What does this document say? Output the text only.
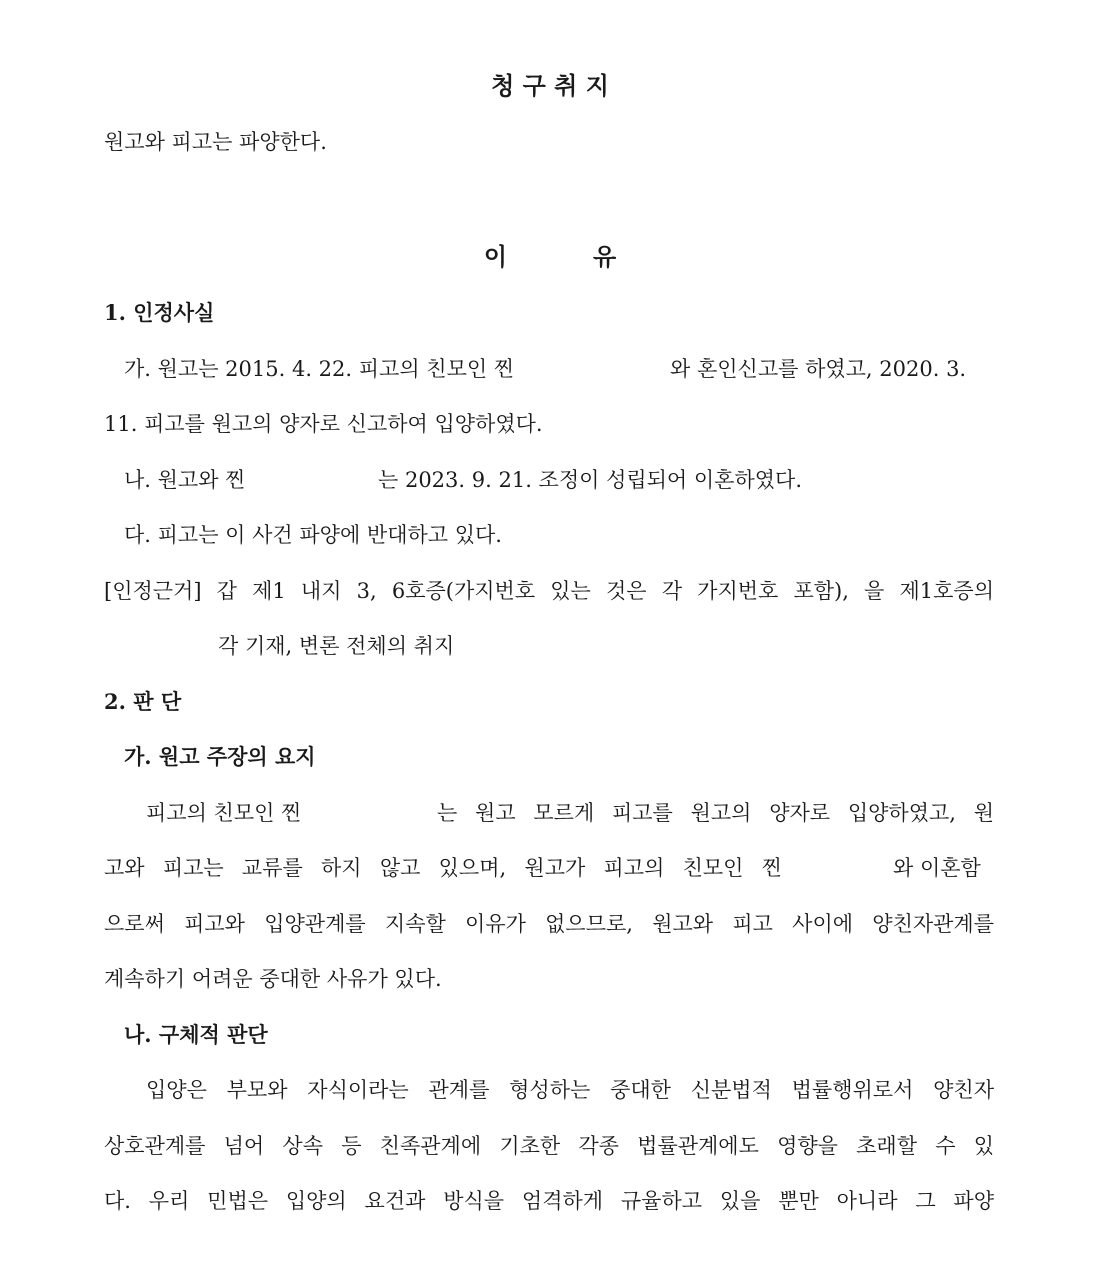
청 구 취 지
원고와 피고는 파양한다.
이	유
1. 인정사실
가. 원고는 2015. 4. 22. 피고의 친모인 찐	와 혼인신고를 하였고, 2020. 3.
11. 피고를 원고의 양자로 신고하여 입양하였다.
나. 원고와 찐	는 2023. 9. 21. 조정이 성립되어 이혼하였다.
다. 피고는 이 사건 파양에 반대하고 있다.
[인정근거] 갑 제1 내지 3, 6호증(가지번호 있는 것은 각 가지번호 포함), 을 제1호증의
각 기재, 변론 전체의 취지
2. 판 단
가. 원고 주장의 요지
피고의 친모인 찐	는 원고 모르게 피고를 원고의 양자로 입양하였고, 원
고와 피고는 교류를 하지 않고 있으며, 원고가 피고의 친모인 찐	와 이혼함
으로써 피고와 입양관계를 지속할 이유가 없으므로, 원고와 피고 사이에 양친자관계를
계속하기 어려운 중대한 사유가 있다.
나. 구체적 판단
입양은 부모와 자식이라는 관계를 형성하는 중대한 신분법적 법률행위로서 양친자
상호관계를 넘어 상속 등 친족관계에 기초한 각종 법률관계에도 영향을 초래할 수 있
다. 우리 민법은 입양의 요건과 방식을 엄격하게 규율하고 있을 뿐만 아니라 그 파양
